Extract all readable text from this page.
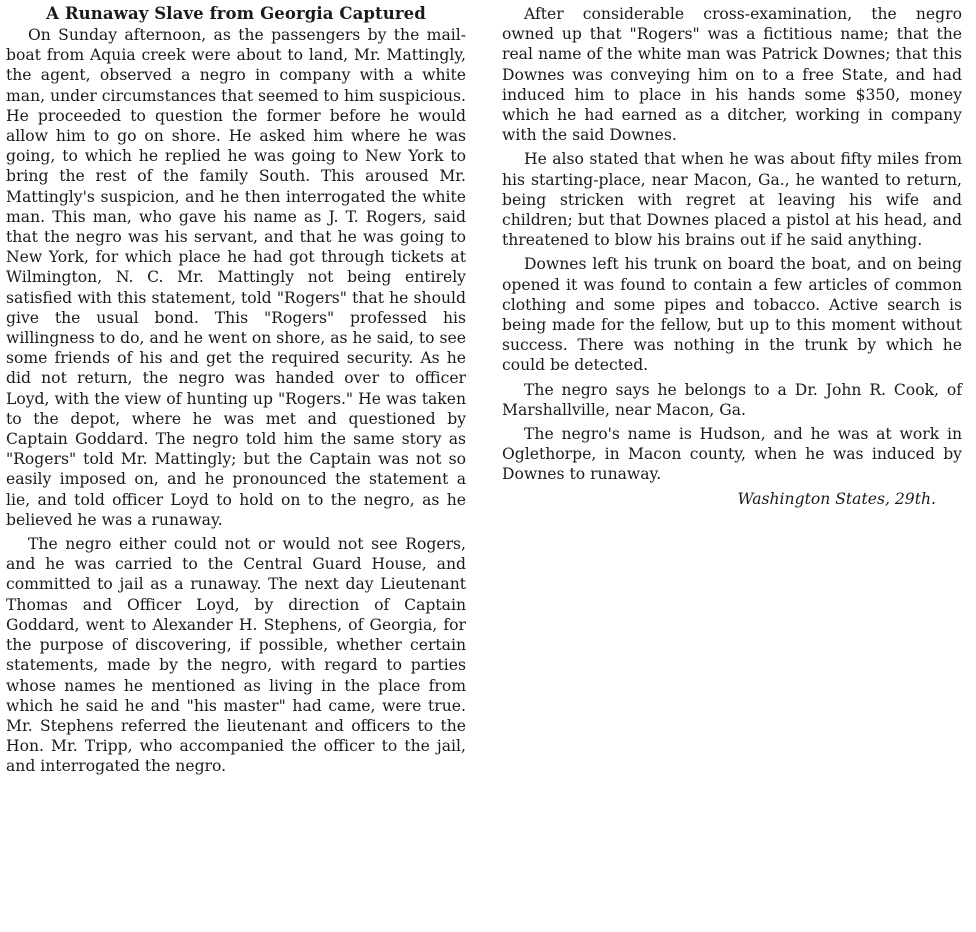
A Runaway Slave from Georgia Captured

On Sunday afternoon, as the passengers by the mail-boat from Aquia creek were about to land, Mr. Mattingly, the agent, observed a negro in company with a white man, under circumstances that seemed to him suspicious. He proceeded to question the former before he would allow him to go on shore. He asked him where he was going, to which he replied he was going to New York to bring the rest of the family South. This aroused Mr. Mattingly's suspicion, and he then interrogated the white man. This man, who gave his name as J. T. Rogers, said that the negro was his servant, and that he was going to New York, for which place he had got through tickets at Wilmington, N. C. Mr. Mattingly not being entirely satisfied with this statement, told "Rogers" that he should give the usual bond. This "Rogers" professed his willingness to do, and he went on shore, as he said, to see some friends of his and get the required security. As he did not return, the negro was handed over to officer Loyd, with the view of hunting up "Rogers." He was taken to the depot, where he was met and questioned by Captain Goddard. The negro told him the same story as "Rogers" told Mr. Mattingly; but the Captain was not so easily imposed on, and he pronounced the statement a lie, and told officer Loyd to hold on to the negro, as he believed he was a runaway.

The negro either could not or would not see Rogers, and he was carried to the Central Guard House, and committed to jail as a runaway. The next day Lieutenant Thomas and Officer Loyd, by direction of Captain Goddard, went to Alexander H. Stephens, of Georgia, for the purpose of discovering, if possible, whether certain statements, made by the negro, with regard to parties whose names he mentioned as living in the place from which he said he and "his master" had came, were true. Mr. Stephens referred the lieutenant and officers to the Hon. Mr. Tripp, who accompanied the officer to the jail, and interrogated the negro.

After considerable cross-examination, the negro owned up that "Rogers" was a fictitious name; that the real name of the white man was Patrick Downes; that this Downes was conveying him on to a free State, and had induced him to place in his hands some $350, money which he had earned as a ditcher, working in company with the said Downes.

He also stated that when he was about fifty miles from his starting-place, near Macon, Ga., he wanted to return, being stricken with regret at leaving his wife and children; but that Downes placed a pistol at his head, and threatened to blow his brains out if he said anything.

Downes left his trunk on board the boat, and on being opened it was found to contain a few articles of common clothing and some pipes and tobacco. Active search is being made for the fellow, but up to this moment without success. There was nothing in the trunk by which he could be detected.

The negro says he belongs to a Dr. John R. Cook, of Marshallville, near Macon, Ga.

The negro's name is Hudson, and he was at work in Oglethorpe, in Macon county, when he was induced by Downes to runaway.

Washington States, 29th.
